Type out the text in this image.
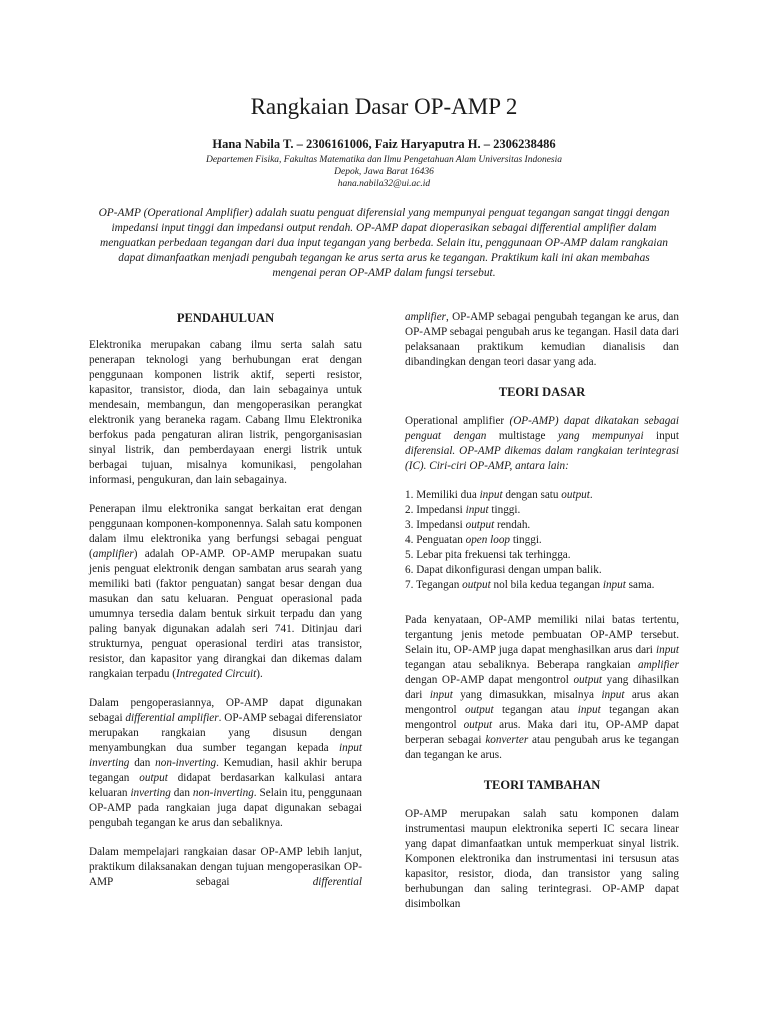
Rangkaian Dasar OP-AMP 2
Hana Nabila T. – 2306161006, Faiz Haryaputra H. – 2306238486
Departemen Fisika, Fakultas Matematika dan Ilmu Pengetahuan Alam Universitas Indonesia
Depok, Jawa Barat 16436
hana.nabila32@ui.ac.id
OP-AMP (Operational Amplifier) adalah suatu penguat diferensial yang mempunyai penguat tegangan sangat tinggi dengan impedansi input tinggi dan impedansi output rendah. OP-AMP dapat dioperasikan sebagai differential amplifier dalam menguatkan perbedaan tegangan dari dua input tegangan yang berbeda. Selain itu, penggunaan OP-AMP dalam rangkaian dapat dimanfaatkan menjadi pengubah tegangan ke arus serta arus ke tegangan. Praktikum kali ini akan membahas mengenai peran OP-AMP dalam fungsi tersebut.
PENDAHULUAN

Elektronika merupakan cabang ilmu serta salah satu penerapan teknologi yang berhubungan erat dengan penggunaan komponen listrik aktif, seperti resistor, kapasitor, transistor, dioda, dan lain sebagainya untuk mendesain, membangun, dan mengoperasikan perangkat elektronik yang beraneka ragam. Cabang Ilmu Elektronika berfokus pada pengaturan aliran listrik, pengorganisasian sinyal listrik, dan pemberdayaan energi listrik untuk berbagai tujuan, misalnya komunikasi, pengolahan informasi, pengukuran, dan lain sebagainya.

Penerapan ilmu elektronika sangat berkaitan erat dengan penggunaan komponen-komponennya. Salah satu komponen dalam ilmu elektronika yang berfungsi sebagai penguat (amplifier) adalah OP-AMP. OP-AMP merupakan suatu jenis penguat elektronik dengan sambatan arus searah yang memiliki bati (faktor penguatan) sangat besar dengan dua masukan dan satu keluaran. Penguat operasional pada umumnya tersedia dalam bentuk sirkuit terpadu dan yang paling banyak digunakan adalah seri 741. Ditinjau dari strukturnya, penguat operasional terdiri atas transistor, resistor, dan kapasitor yang dirangkai dan dikemas dalam rangkaian terpadu (Intregated Circuit).

Dalam pengoperasiannya, OP-AMP dapat digunakan sebagai differential amplifier. OP-AMP sebagai diferensiator merupakan rangkaian yang disusun dengan menyambungkan dua sumber tegangan kepada input inverting dan non-inverting. Kemudian, hasil akhir berupa tegangan output didapat berdasarkan kalkulasi antara keluaran inverting dan non-inverting. Selain itu, penggunaan OP-AMP pada rangkaian juga dapat digunakan sebagai pengubah tegangan ke arus dan sebaliknya.

Dalam mempelajari rangkaian dasar OP-AMP lebih lanjut, praktikum dilaksanakan dengan tujuan mengoperasikan OP-AMP sebagai differential

amplifier, OP-AMP sebagai pengubah tegangan ke arus, dan OP-AMP sebagai pengubah arus ke tegangan. Hasil data dari pelaksanaan praktikum kemudian dianalisis dan dibandingkan dengan teori dasar yang ada.

TEORI DASAR

Operational amplifier (OP-AMP) dapat dikatakan sebagai penguat dengan multistage yang mempunyai input diferensial. OP-AMP dikemas dalam rangkaian terintegrasi (IC). Ciri-ciri OP-AMP, antara lain:

1. Memiliki dua input dengan satu output.
2. Impedansi input tinggi.
3. Impedansi output rendah.
4. Penguatan open loop tinggi.
5. Lebar pita frekuensi tak terhingga.
6. Dapat dikonfigurasi dengan umpan balik.
7. Tegangan output nol bila kedua tegangan input sama.

Pada kenyataan, OP-AMP memiliki nilai batas tertentu, tergantung jenis metode pembuatan OP-AMP tersebut. Selain itu, OP-AMP juga dapat menghasilkan arus dari input tegangan atau sebaliknya. Beberapa rangkaian amplifier dengan OP-AMP dapat mengontrol output yang dihasilkan dari input yang dimasukkan, misalnya input arus akan mengontrol output tegangan atau input tegangan akan mengontrol output arus. Maka dari itu, OP-AMP dapat berperan sebagai konverter atau pengubah arus ke tegangan dan tegangan ke arus.

TEORI TAMBAHAN

OP-AMP merupakan salah satu komponen dalam instrumentasi maupun elektronika seperti IC secara linear yang dapat dimanfaatkan untuk memperkuat sinyal listrik. Komponen elektronika dan instrumentasi ini tersusun atas kapasitor, resistor, dioda, dan transistor yang saling berhubungan dan saling terintegrasi. OP-AMP dapat disimbolkan
